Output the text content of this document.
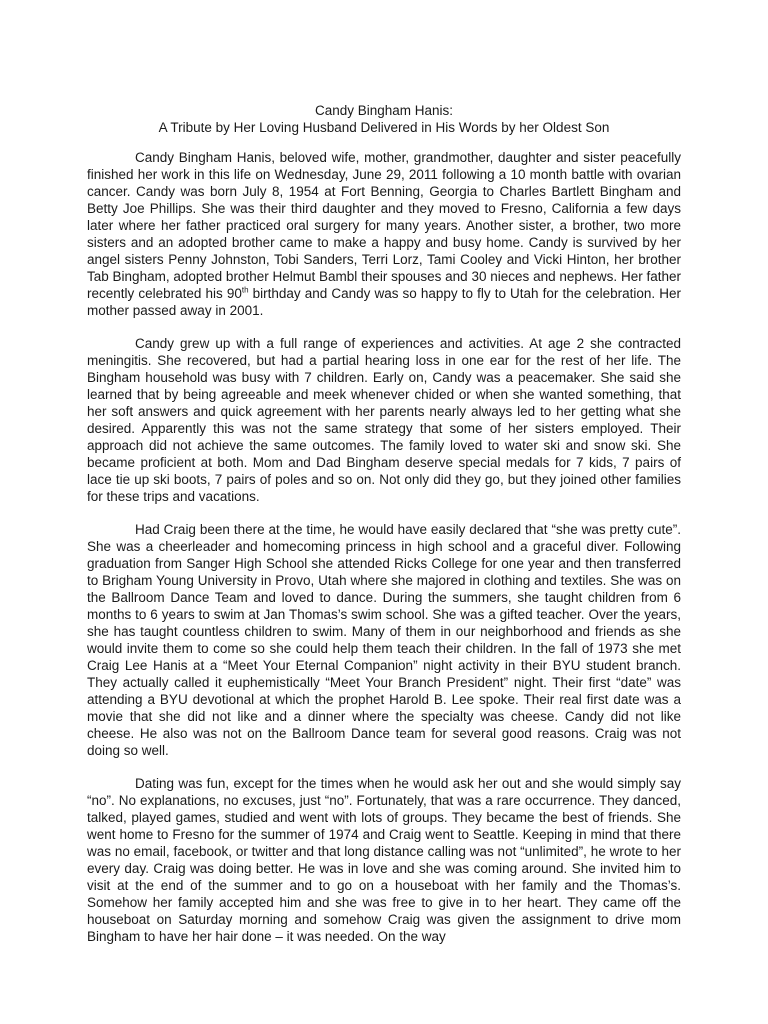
Candy Bingham Hanis:
A Tribute by Her Loving Husband Delivered in His Words by her Oldest Son

Candy Bingham Hanis, beloved wife, mother, grandmother, daughter and sister peacefully finished her work in this life on Wednesday, June 29, 2011 following a 10 month battle with ovarian cancer. Candy was born July 8, 1954 at Fort Benning, Georgia to Charles Bartlett Bingham and Betty Joe Phillips. She was their third daughter and they moved to Fresno, California a few days later where her father practiced oral surgery for many years. Another sister, a brother, two more sisters and an adopted brother came to make a happy and busy home. Candy is survived by her angel sisters Penny Johnston, Tobi Sanders, Terri Lorz, Tami Cooley and Vicki Hinton, her brother Tab Bingham, adopted brother Helmut Bambl their spouses and 30 nieces and nephews. Her father recently celebrated his 90th birthday and Candy was so happy to fly to Utah for the celebration. Her mother passed away in 2001.

Candy grew up with a full range of experiences and activities. At age 2 she contracted meningitis. She recovered, but had a partial hearing loss in one ear for the rest of her life. The Bingham household was busy with 7 children. Early on, Candy was a peacemaker. She said she learned that by being agreeable and meek whenever chided or when she wanted something, that her soft answers and quick agreement with her parents nearly always led to her getting what she desired. Apparently this was not the same strategy that some of her sisters employed. Their approach did not achieve the same outcomes. The family loved to water ski and snow ski. She became proficient at both. Mom and Dad Bingham deserve special medals for 7 kids, 7 pairs of lace tie up ski boots, 7 pairs of poles and so on. Not only did they go, but they joined other families for these trips and vacations.

Had Craig been there at the time, he would have easily declared that “she was pretty cute”. She was a cheerleader and homecoming princess in high school and a graceful diver. Following graduation from Sanger High School she attended Ricks College for one year and then transferred to Brigham Young University in Provo, Utah where she majored in clothing and textiles. She was on the Ballroom Dance Team and loved to dance. During the summers, she taught children from 6 months to 6 years to swim at Jan Thomas’s swim school. She was a gifted teacher. Over the years, she has taught countless children to swim. Many of them in our neighborhood and friends as she would invite them to come so she could help them teach their children. In the fall of 1973 she met Craig Lee Hanis at a “Meet Your Eternal Companion” night activity in their BYU student branch. They actually called it euphemistically “Meet Your Branch President” night. Their first “date” was attending a BYU devotional at which the prophet Harold B. Lee spoke. Their real first date was a movie that she did not like and a dinner where the specialty was cheese. Candy did not like cheese. He also was not on the Ballroom Dance team for several good reasons. Craig was not doing so well.

Dating was fun, except for the times when he would ask her out and she would simply say “no”. No explanations, no excuses, just “no”. Fortunately, that was a rare occurrence. They danced, talked, played games, studied and went with lots of groups. They became the best of friends. She went home to Fresno for the summer of 1974 and Craig went to Seattle. Keeping in mind that there was no email, facebook, or twitter and that long distance calling was not “unlimited”, he wrote to her every day. Craig was doing better. He was in love and she was coming around. She invited him to visit at the end of the summer and to go on a houseboat with her family and the Thomas’s. Somehow her family accepted him and she was free to give in to her heart. They came off the houseboat on Saturday morning and somehow Craig was given the assignment to drive mom Bingham to have her hair done – it was needed. On the way
